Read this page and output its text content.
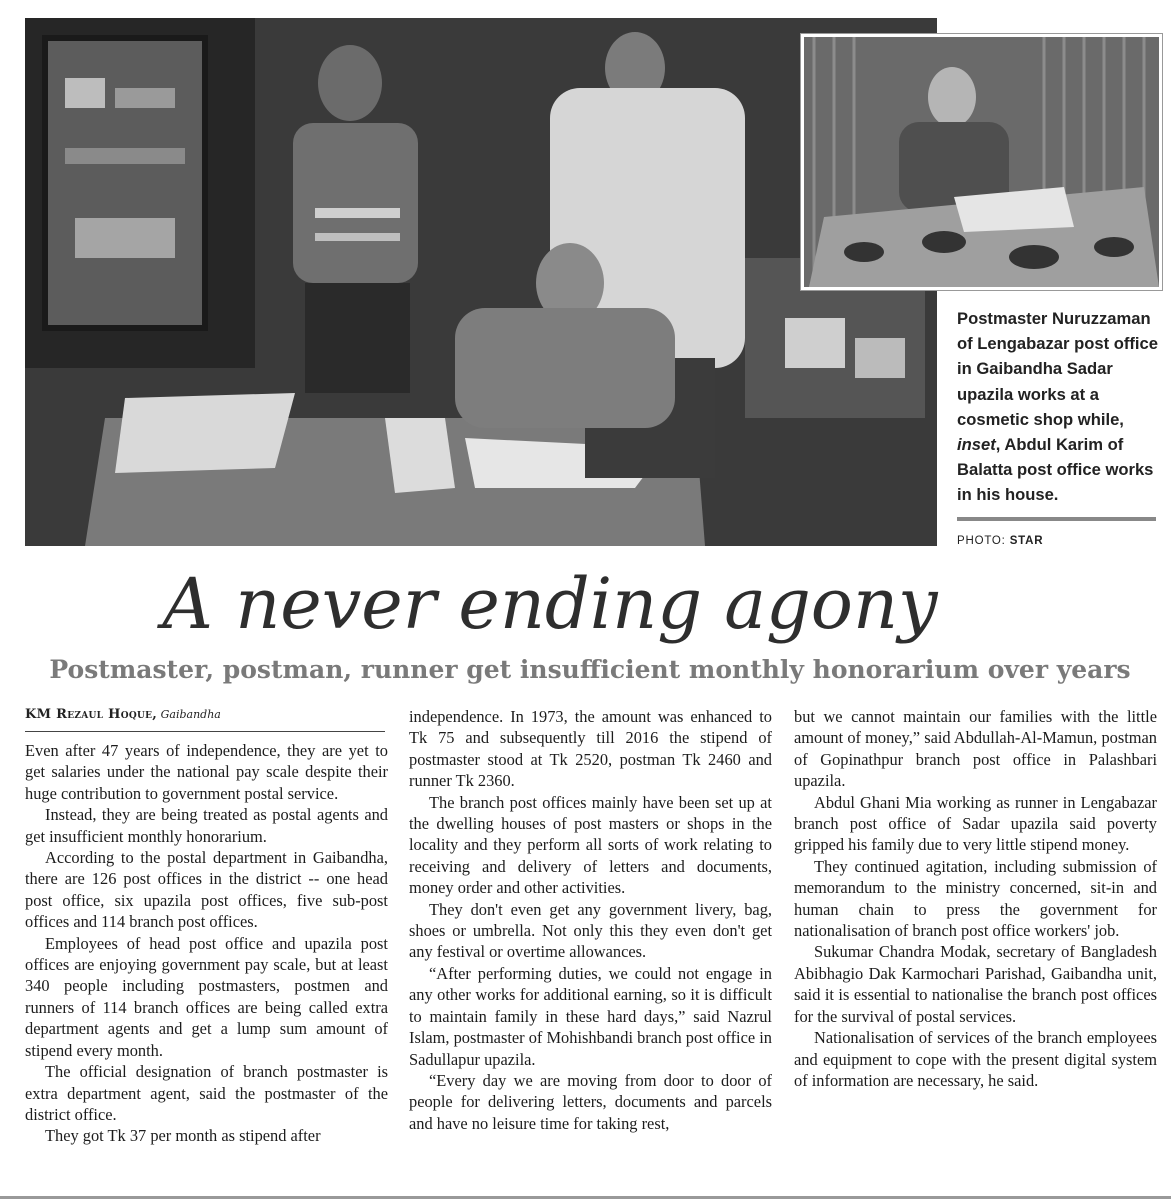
Postmaster Nuruzzaman of Lengabazar post office in Gaibandha Sadar upazila works at a cosmetic shop while, inset, Abdul Karim of Balatta post office works in his house.
PHOTO: STAR
A never ending agony
Postmaster, postman, runner get insufficient monthly honorarium over years
KM Rezaul Hoque, Gaibandha

Even after 47 years of independence, they are yet to get salaries under the national pay scale despite their huge contribution to government postal service.

Instead, they are being treated as postal agents and get insufficient monthly honorarium.

According to the postal department in Gaibandha, there are 126 post offices in the district -- one head post office, six upazila post offices, five sub-post offices and 114 branch post offices.

Employees of head post office and upazila post offices are enjoying government pay scale, but at least 340 people including postmasters, postmen and runners of 114 branch offices are being called extra department agents and get a lump sum amount of stipend every month.

The official designation of branch postmaster is extra department agent, said the postmaster of the district office.

They got Tk 37 per month as stipend after

independence. In 1973, the amount was enhanced to Tk 75 and subsequently till 2016 the stipend of postmaster stood at Tk 2520, postman Tk 2460 and runner Tk 2360.

The branch post offices mainly have been set up at the dwelling houses of post masters or shops in the locality and they perform all sorts of work relating to receiving and delivery of letters and documents, money order and other activities.

They don't even get any government livery, bag, shoes or umbrella. Not only this they even don't get any festival or overtime allowances.

“After performing duties, we could not engage in any other works for additional earning, so it is difficult to maintain family in these hard days,” said Nazrul Islam, postmaster of Mohishbandi branch post office in Sadullapur upazila.

“Every day we are moving from door to door of people for delivering letters, documents and parcels and have no leisure time for taking rest,

but we cannot maintain our families with the little amount of money,” said Abdullah-Al-Mamun, postman of Gopinathpur branch post office in Palashbari upazila.

Abdul Ghani Mia working as runner in Lengabazar branch post office of Sadar upazila said poverty gripped his family due to very little stipend money.

They continued agitation, including submission of memorandum to the ministry concerned, sit-in and human chain to press the government for nationalisation of branch post office workers' job.

Sukumar Chandra Modak, secretary of Bangladesh Abibhagio Dak Karmochari Parishad, Gaibandha unit, said it is essential to nationalise the branch post offices for the survival of postal services.

Nationalisation of services of the branch employees and equipment to cope with the present digital system of information are necessary, he said.
